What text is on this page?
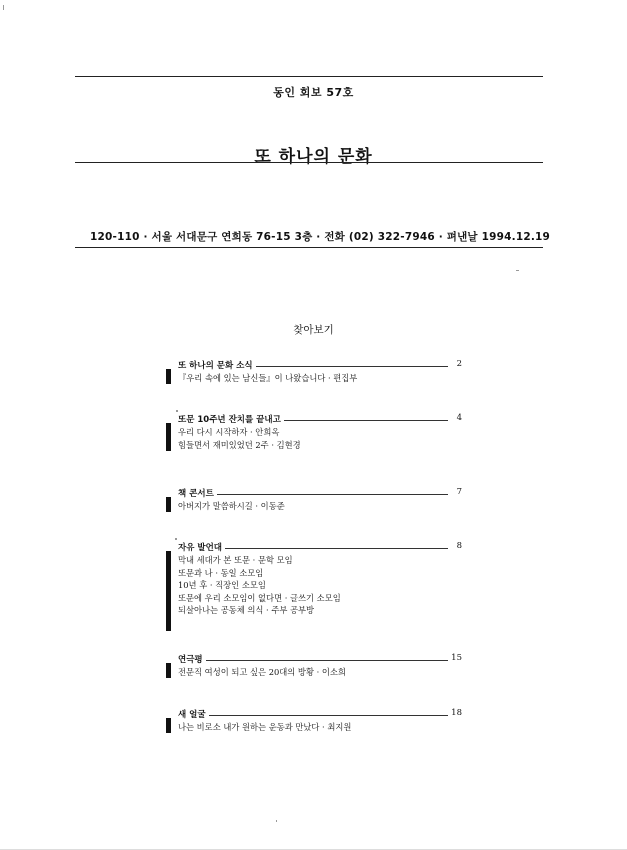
동인 회보 57호
또 하나의 문화
120-110 · 서울 서대문구 연희동 76-15 3층 · 전화 (02) 322-7946 · 펴낸날 1994.12.19
찾아보기
또 하나의 문화 소식	2
『우리 속에 있는 남신들』이 나왔습니다 · 편집부
또문 10주년 잔치를 끝내고	4
우리 다시 시작하자 · 안희옥
힘들면서 재미있었던 2주 · 김현경
책 콘서트	7
아버지가 말씀하시길 · 이동준
자유 발언대	8
막내 세대가 본 또문 · 문학 모임
또문과 나 · 동일 소모임
10년 후 · 직장인 소모임
또문에 우리 소모임이 없다면 · 글쓰기 소모임
되살아나는 공동체 의식 · 주부 공부방
연극평	15
전문직 여성이 되고 싶은 20대의 방황 · 이소희
새 얼굴	18
나는 비로소 내가 원하는 운동과 만났다 · 최지원
